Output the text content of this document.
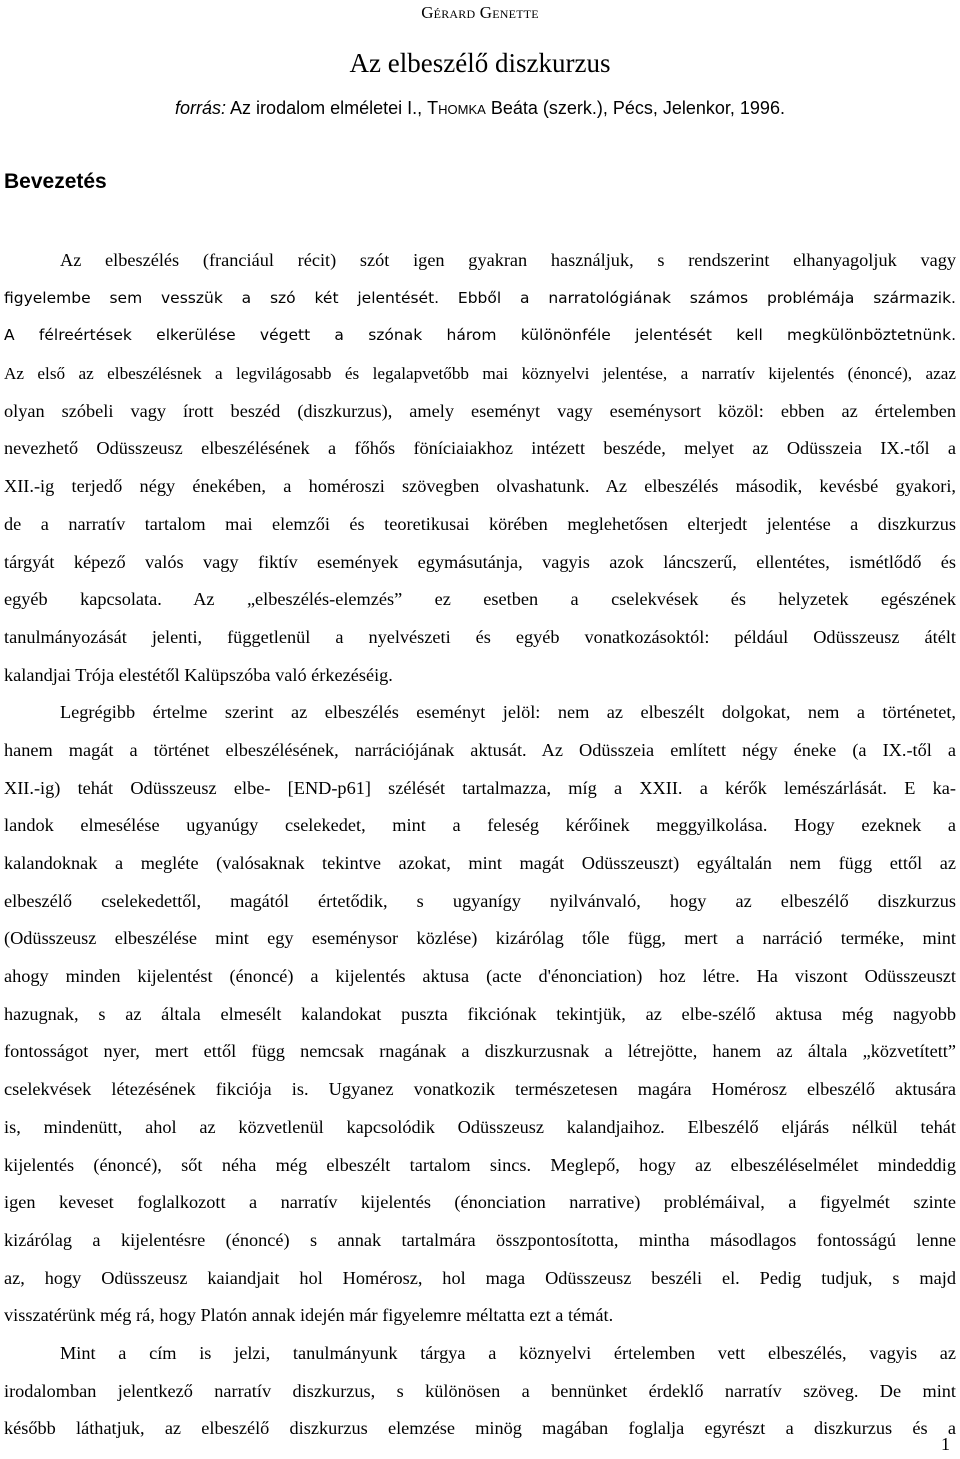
Gérard Genette
Az elbeszélő diszkurzus
forrás: Az irodalom elméletei I., Thomka Beáta (szerk.), Pécs, Jelenkor, 1996.
Bevezetés
Az elbeszélés (franciául récit) szót igen gyakran használjuk, s rendszerint elhanyagoljuk vagy
figyelembe sem vesszük a szó két jelentését. Ebből a narratológiának számos problémája származik.
A félreértések elkerülése végett a szónak három különönféle jelentését kell megkülönböztetnünk.
Az első az elbeszélésnek a legvilágosabb és legalapvetőbb mai köznyelvi jelentése, a narratív kijelentés (énoncé), azaz
olyan szóbeli vagy írott beszéd (diszkurzus), amely eseményt vagy eseménysort közöl: ebben az értelemben
nevezhető Odüsszeusz elbeszélésének a főhős föníciaiakhoz intézett beszéde, melyet az Odüsszeia IX.-től a
XII.-ig terjedő négy énekében, a homéroszi szövegben olvashatunk. Az elbeszélés második, kevésbé gyakori,
de a narratív tartalom mai elemzői és teoretikusai körében meglehetősen elterjedt jelentése a diszkurzus
tárgyát képező valós vagy fiktív események egymásutánja, vagyis azok láncszerű, ellentétes, ismétlődő és
egyéb kapcsolata. Az „elbeszélés-elemzés” ez esetben a cselekvések és helyzetek egészének
tanulmányozását jelenti, függetlenül a nyelvészeti és egyéb vonatkozásoktól: például Odüsszeusz átélt
kalandjai Trója elestétől Kalüpszóba való érkezéséig.
Legrégibb értelme szerint az elbeszélés eseményt jelöl: nem az elbeszélt dolgokat, nem a történetet,
hanem magát a történet elbeszélésének, narrációjának aktusát. Az Odüsszeia említett négy éneke (a IX.-től a
XII.-ig) tehát Odüsszeusz elbe- [END-p61] szélését tartalmazza, míg a XXII. a kérők lemészárlását. E ka-
landok elmesélése ugyanúgy cselekedet, mint a feleség kérőinek meggyilkolása. Hogy ezeknek a
kalandoknak a megléte (valósaknak tekintve azokat, mint magát Odüsszeuszt) egyáltalán nem függ ettől az
elbeszélő cselekedettől, magától értetődik, s ugyanígy nyilvánvaló, hogy az elbeszélő diszkurzus
(Odüsszeusz elbeszélése mint egy eseménysor közlése) kizárólag tőle függ, mert a narráció terméke, mint
ahogy minden kijelentést (énoncé) a kijelentés aktusa (acte d'énonciation) hoz létre. Ha viszont Odüsszeuszt
hazugnak, s az általa elmesélt kalandokat puszta fikciónak tekintjük, az elbe-szélő aktusa még nagyobb
fontosságot nyer, mert ettől függ nemcsak rnagának a diszkurzusnak a létrejötte, hanem az általa „közvetített”
cselekvések létezésének fikciója is. Ugyanez vonatkozik természetesen magára Homérosz elbeszélő aktusára
is, mindenütt, ahol az közvetlenül kapcsolódik Odüsszeusz kalandjaihoz. Elbeszélő eljárás nélkül tehát
kijelentés (énoncé), sőt néha még elbeszélt tartalom sincs. Meglepő, hogy az elbeszéléselmélet mindeddig
igen keveset foglalkozott a narratív kijelentés (énonciation narrative) problémáival, a figyelmét szinte
kizárólag a kijelentésre (énoncé) s annak tartalmára összpontosította, mintha másodlagos fontosságú lenne
az, hogy Odüsszeusz kaiandjait hol Homérosz, hol maga Odüsszeusz beszéli el. Pedig tudjuk, s majd
visszatérünk még rá, hogy Platón annak idején már figyelemre méltatta ezt a témát.
Mint a cím is jelzi, tanulmányunk tárgya a köznyelvi értelemben vett elbeszélés, vagyis az
irodalomban jelentkező narratív diszkurzus, s különösen a bennünket érdeklő narratív szöveg. De mint
később láthatjuk, az elbeszélő diszkurzus elemzése minög magában foglalja egyrészt a diszkurzus és a
1
